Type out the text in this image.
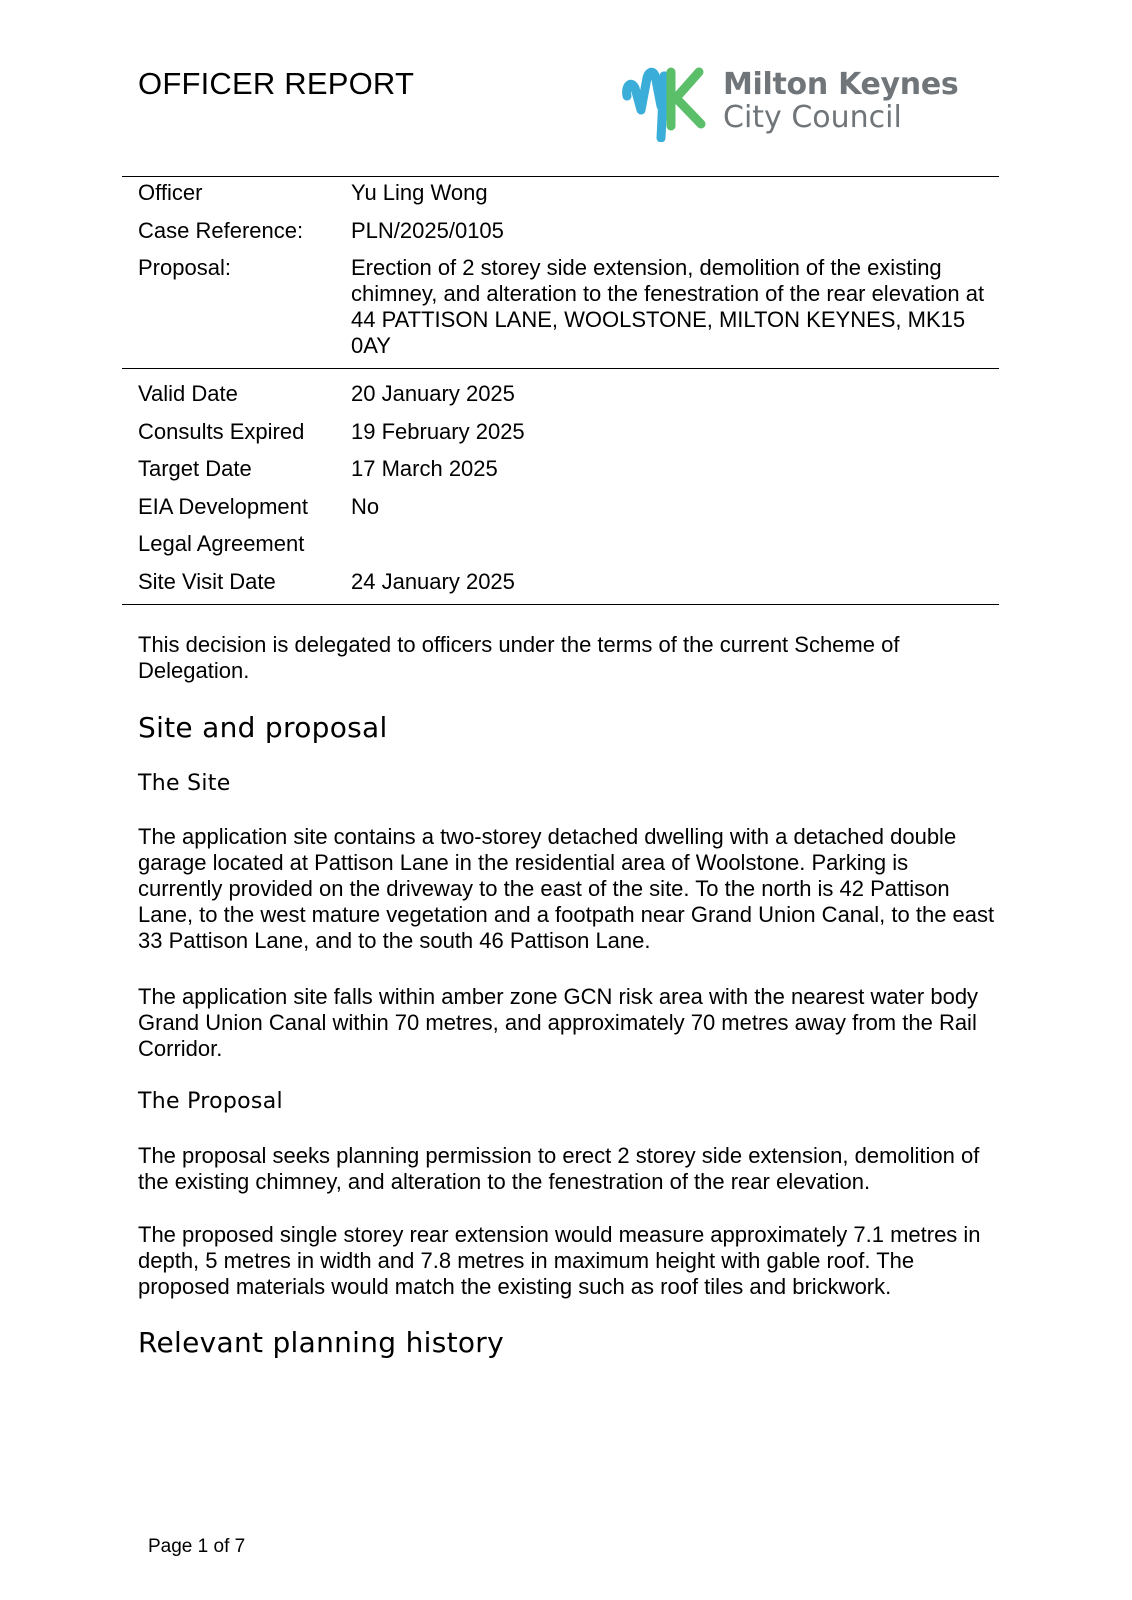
OFFICER REPORT	Milton Keynes
City Council
Officer	Yu Ling Wong
Case Reference:	PLN/2025/0105
Proposal:	Erection of 2 storey side extension, demolition of the existing chimney, and alteration to the fenestration of the rear elevation at 44 PATTISON LANE, WOOLSTONE, MILTON KEYNES, MK15 0AY
Valid Date	20 January 2025
Consults Expired	19 February 2025
Target Date	17 March 2025
EIA Development	No
Legal Agreement	
Site Visit Date	24 January 2025

This decision is delegated to officers under the terms of the current Scheme of Delegation.

Site and proposal
The Site

The application site contains a two-storey detached dwelling with a detached double garage located at Pattison Lane in the residential area of Woolstone. Parking is currently provided on the driveway to the east of the site. To the north is 42 Pattison Lane, to the west mature vegetation and a footpath near Grand Union Canal, to the east 33 Pattison Lane, and to the south 46 Pattison Lane.

The application site falls within amber zone GCN risk area with the nearest water body Grand Union Canal within 70 metres, and approximately 70 metres away from the Rail Corridor.

The Proposal

The proposal seeks planning permission to erect 2 storey side extension, demolition of the existing chimney, and alteration to the fenestration of the rear elevation.

The proposed single storey rear extension would measure approximately 7.1 metres in depth, 5 metres in width and 7.8 metres in maximum height with gable roof. The proposed materials would match the existing such as roof tiles and brickwork.

Relevant planning history
Page 1 of 7
